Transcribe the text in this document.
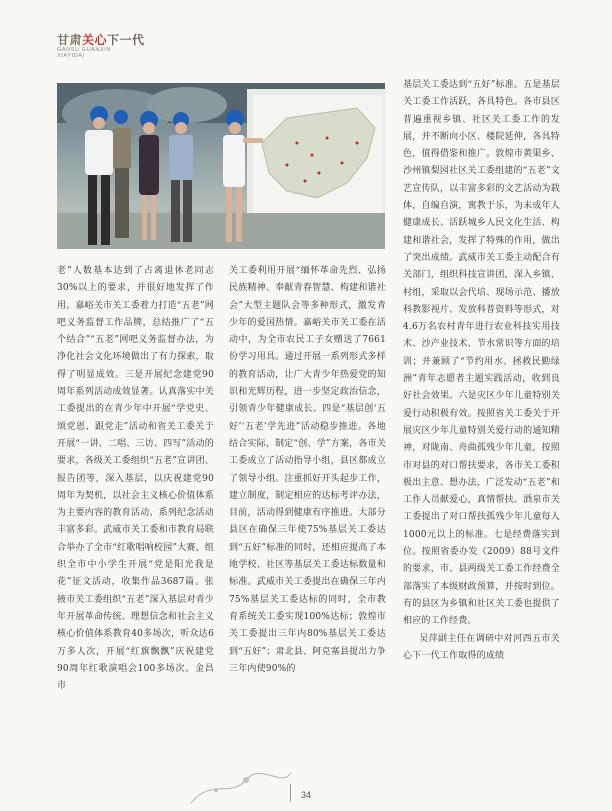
甘肃关心下一代
GANSU GUANXIN
XIAYIDAI

老”人数基本达到了占离退休老同志30%以上的要求，并很好地发挥了作用。嘉峪关市关工委着力打造“五老”网吧义务监督工作品牌，总结推广了“五个结合”“五老”网吧义务监督办法，为净化社会文化环境做出了有力探索，取得了明显成效。三是开展纪念建党90周年系列活动成效显著。认真落实中关工委提出的在青少年中开展“学党史、颂党恩、跟党走”活动和省关工委关于开展“一讲、二唱、三访、四写”活动的要求，各级关工委组织“五老”宣讲团、报告团等，深入基层，以庆祝建党90周年为契机，以社会主义核心价值体系为主要内容的教育活动、系列纪念活动丰富多彩。武威市关工委和市教育局联合举办了全市“红歌唱响校园”大赛，组织全市中小学生开展“党是阳光我是花”征文活动，收集作品3687篇。张掖市关工委组织“五老”深入基层对青少年开展革命传统、理想信念和社会主义核心价值体系教育40多场次，听众达6万多人次，开展“红旗飘飘”庆祝建党90周年红歌演唱会100多场次。金昌市

关工委利用开展“缅怀革命先烈、弘扬民族精神、奉献青春智慧、构建和谐社会”大型主题队会等多种形式，激发青少年的爱国热情。嘉峪关市关工委在活动中，为全市农民工子女赠送了7661份学习用具。通过开展一系列形式多样的教育活动，让广大青少年热爱党的知识和光辉历程，进一步坚定政治信念，引领青少年健康成长。四是“基层创‘五好’‘五老’学先进”活动稳步推进。各地结合实际，制定“创、学”方案，各市关工委成立了活动指导小组，县区都成立了领导小组。注重抓好开头起步工作，建立制度，制定相应的达标考评办法，目前，活动得到健康有序推进。大部分县区在确保三年使75%基层关工委达到“五好”标准的同时，还相应提高了本地学校、社区等基层关工委达标数量和标准。武威市关工委提出在确保三年内75%基层关工委达标的同时，全市教育系统关工委实现100%达标；敦煌市关工委提出三年内80%基层关工委达到“五好”；肃北县、阿克塞县提出力争三年内使90%的

基层关工委达到“五好”标准。五是基层关工委工作活跃，各具特色。各市县区普遍重视乡镇、社区关工委工作的发展，并不断向小区、楼院延伸，各具特色，值得借鉴和推广。敦煌市黄渠乡、沙州镇梨园社区关工委组建的“五老”文艺宣传队，以丰富多彩的文艺活动为载体，自编自演，寓教于乐，为未成年人健康成长、活跃城乡人民文化生活、构建和谐社会，发挥了特殊的作用，做出了突出成绩。武威市关工委主动配合有关部门，组织科技宣讲团，深入乡镇、村组，采取以会代培、现场示范、播放科教影视片、发放科普资料等形式，对4.6万名农村青年进行农业科技实用技术、沙产业技术、节水常识等方面的培训；并兼顾了“节约用水、拯救民勤绿洲”青年志愿者主题实践活动，收到良好社会效果。六是灾区少年儿童特别关爱行动积极有效。按照省关工委关于开展灾区少年儿童特别关爱行动的通知精神，对陇南、舟曲孤残少年儿童，按照市对县的对口帮扶要求，各市关工委积极出主意、想办法，广泛发动“五老”和工作人员献爱心，真情帮扶。酒泉市关工委提出了对口帮扶孤残少年儿童每人1000元以上的标准。七是经费落实到位。按照省委办发（2009）88号文件的要求，市、县两级关工委工作经费全部落实了本级财政预算，并按时到位。有的县区为乡镇和社区关工委也提供了相应的工作经费。

吴萍副主任在调研中对河西五市关心下一代工作取得的成绩

34
